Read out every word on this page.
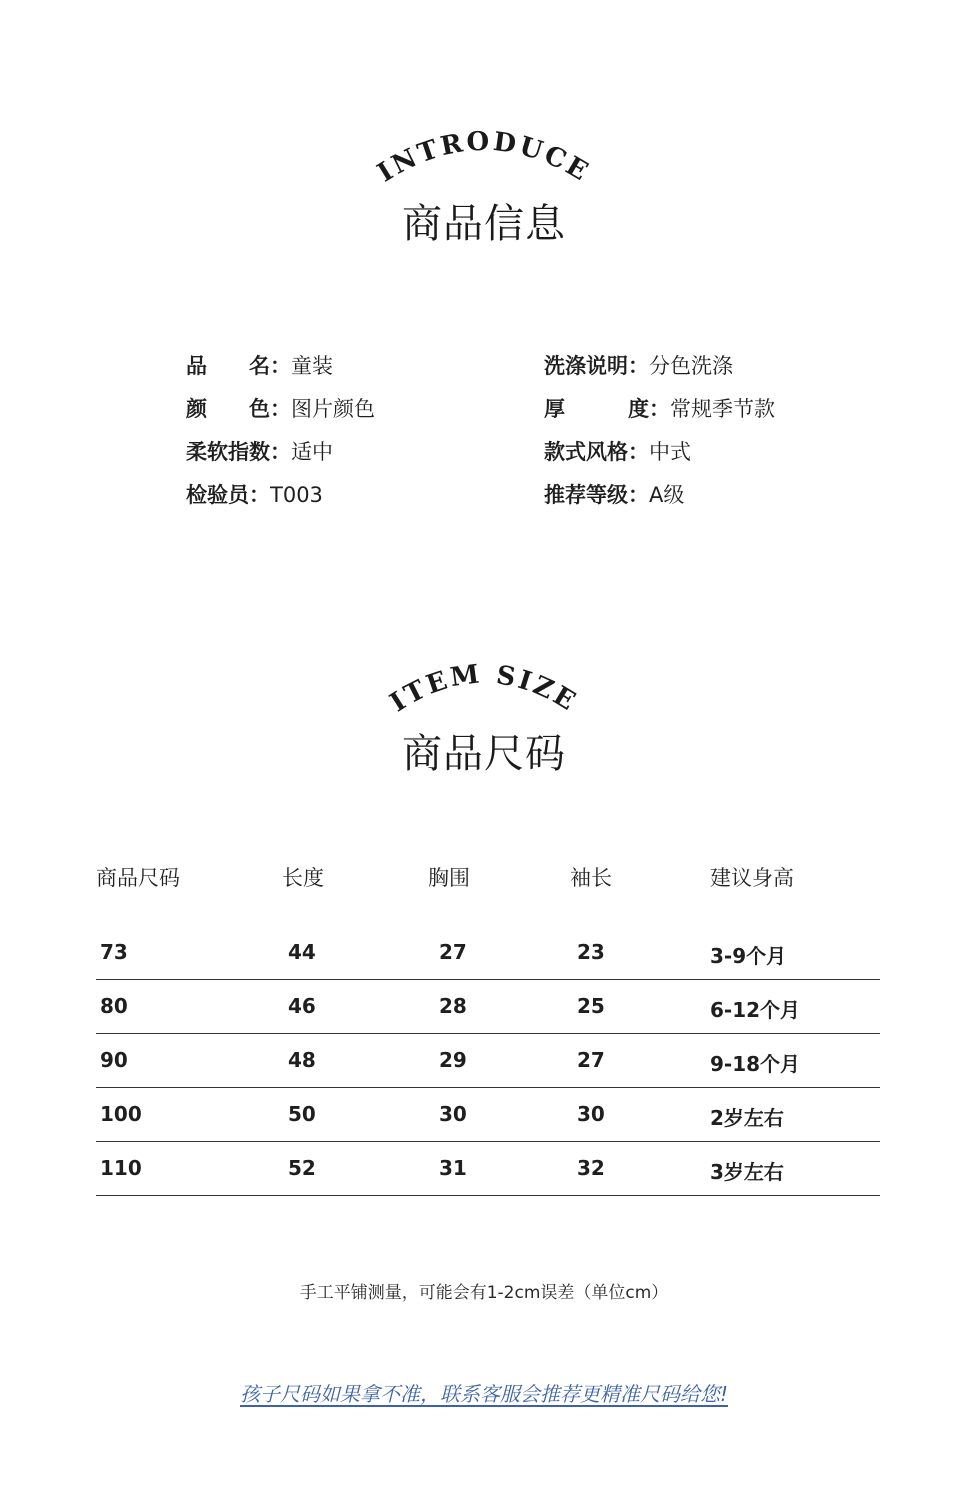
INTRODUCE
商品信息
品 名：童装
颜 色：图片颜色
柔软指数：适中
检验员：T003
洗涤说明：分色洗涤
厚 度：常规季节款
款式风格：中式
推荐等级：A级
ITEM SIZE
商品尺码
商品尺码	长度	胸围	袖长	建议身高
73	44	27	23	3-9个月
80	46	28	25	6-12个月
90	48	29	27	9-18个月
100	50	30	30	2岁左右
110	52	31	32	3岁左右
手工平铺测量，可能会有1-2cm误差（单位cm）
孩子尺码如果拿不准，联系客服会推荐更精准尺码给您!
